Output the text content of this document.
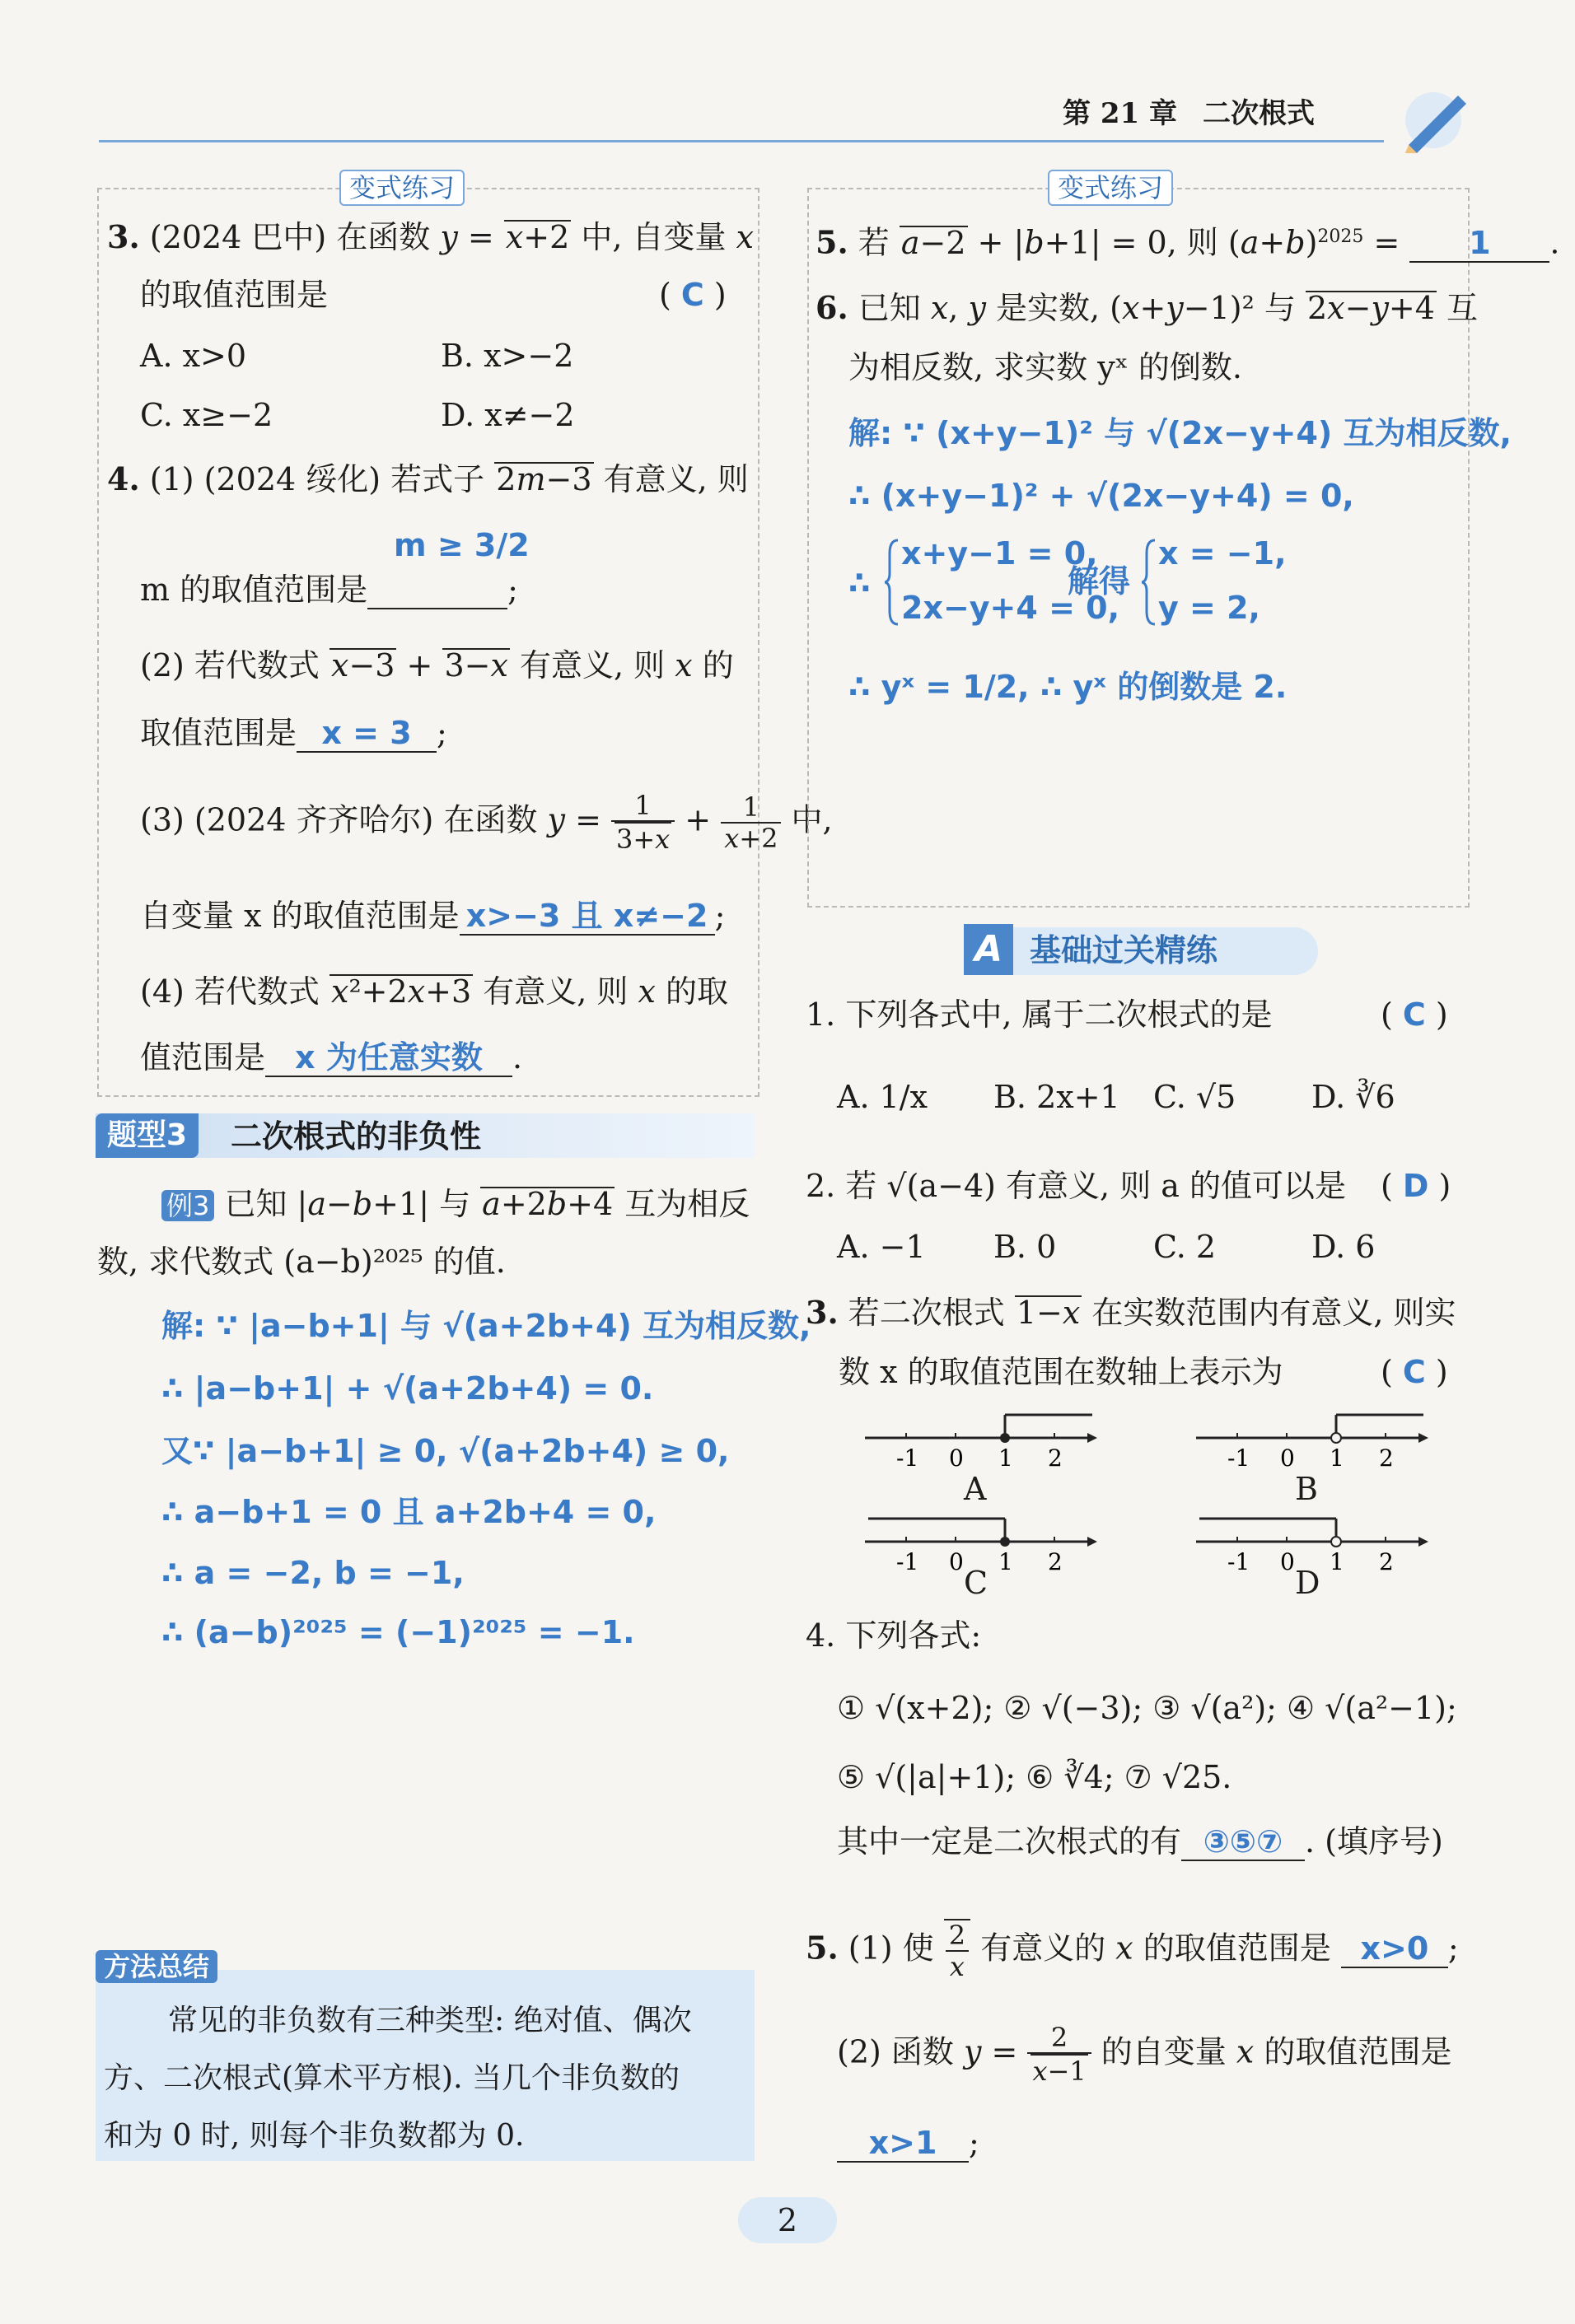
第 21 章 二次根式
变式练习
3. (2024 巴中) 在函数 y = x+2 中, 自变量 x
的取值范围是	( C )
A. x>0	B. x>−2
C. x≥−2	D. x≠−2
4. (1) (2024 绥化) 若式子 2m−3 有意义, 则
m 的取值范围是	;
m ≥ 3/2
(2) 若代数式 x−3 + 3−x 有意义, 则 x 的
取值范围是 x = 3 ;
(3) (2024 齐齐哈尔) 在函数 $y = \frac{1}{3+x} + \frac{1}{x+2}$ 中,
自变量 x 的取值范围是 x>−3 且 x≠−2 ;
(4) 若代数式 x²+2x+3 有意义, 则 x 的取
值范围是 x 为任意实数 .
题型3	二次根式的非负性
例3 已知 |a−b+1| 与 a+2b+4 互为相反
数, 求代数式 (a−b)²⁰²⁵ 的值.
解: ∵ |a−b+1| 与 √(a+2b+4) 互为相反数,
∴ |a−b+1| + √(a+2b+4) = 0.
又∵ |a−b+1| ≥ 0, √(a+2b+4) ≥ 0,
∴ a−b+1 = 0 且 a+2b+4 = 0,
∴ a = −2, b = −1,
∴ (a−b)²⁰²⁵ = (−1)²⁰²⁵ = −1.
方法总结
常见的非负数有三种类型: 绝对值、偶次
方、二次根式(算术平方根). 当几个非负数的
和为 0 时, 则每个非负数都为 0.
变式练习
5. 若 a−2 + |b+1| = 0, 则 $(a+b)^{2025} = 1$ .
6. 已知 x, y 是实数, (x+y−1)² 与 2x−y+4 互
为相反数, 求实数 yˣ 的倒数.
解: ∵ (x+y−1)² 与 √(2x−y+4) 互为相反数,
∴ (x+y−1)² + √(2x−y+4) = 0,
∴
x+y−1 = 0,
2x−y+4 = 0,
解得
x = −1,
y = 2,
∴ yˣ = 1/2, ∴ yˣ 的倒数是 2.
A 基础过关精练
1. 下列各式中, 属于二次根式的是	( C )
A. 1/x B. 2x+1 C. √5 D. ∛6
2. 若 √(a−4) 有意义, 则 a 的值可以是 ( D )
A. −1 B. 0	C. 2	D. 6
3. 若二次根式 1−x 在实数范围内有意义, 则实
数 x 的取值范围在数轴上表示为	( C )
-1 0 1 2
A
-1 0 1 2
B
-1 0 1 2
C
-1 0 1 2
D
4. 下列各式:
① √(x+2); ② √(−3); ③ √(a²); ④ √(a²−1);
⑤ √(|a|+1); ⑥ ∛4; ⑦ √25.
其中一定是二次根式的有 ③⑤⑦ . (填序号)
5. (1) 使 $\frac{2}{x}$ 有意义的 x 的取值范围是 x>0 ;
(2) 函数 $y = \frac{2}{x-1}$ 的自变量 x 的取值范围是
x>1 ;
2
